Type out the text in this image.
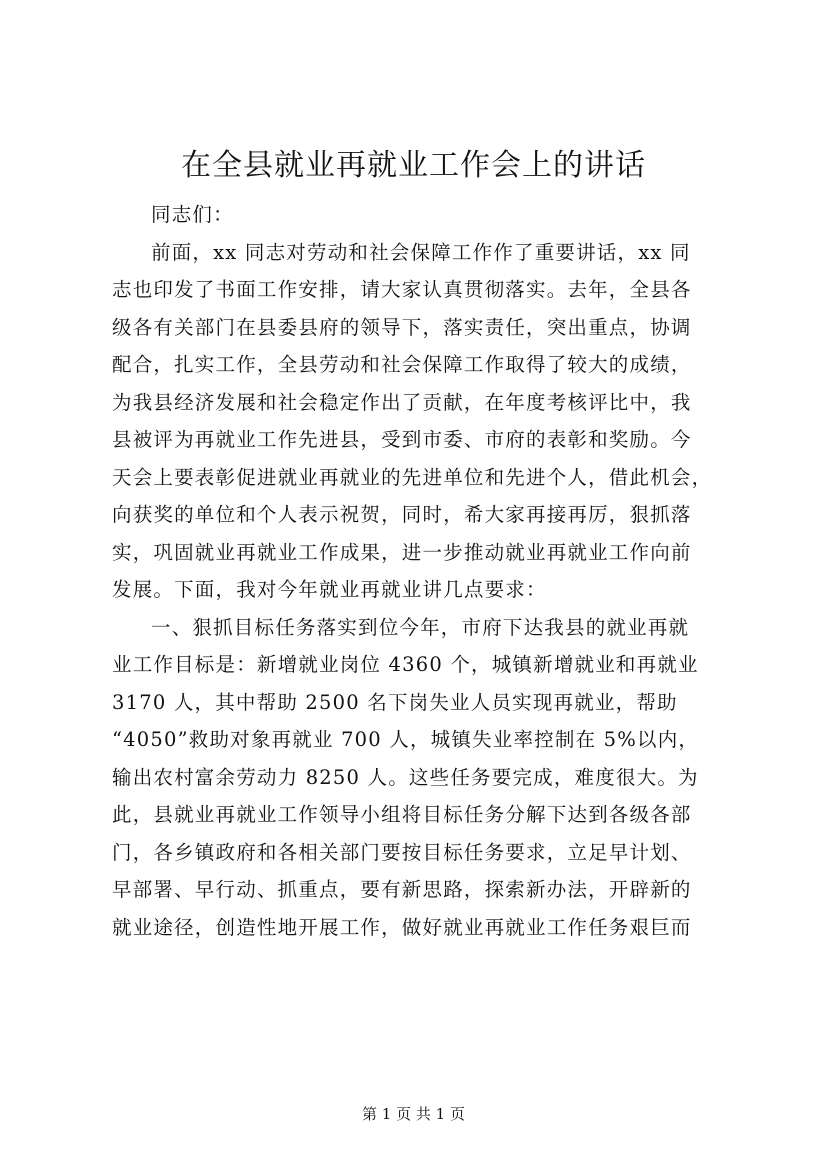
在全县就业再就业工作会上的讲话
同志们：
前面，xx 同志对劳动和社会保障工作作了重要讲话，xx 同
志也印发了书面工作安排，请大家认真贯彻落实。去年，全县各
级各有关部门在县委县府的领导下，落实责任，突出重点，协调
配合，扎实工作，全县劳动和社会保障工作取得了较大的成绩，
为我县经济发展和社会稳定作出了贡献，在年度考核评比中，我
县被评为再就业工作先进县，受到市委、市府的表彰和奖励。今
天会上要表彰促进就业再就业的先进单位和先进个人，借此机会，
向获奖的单位和个人表示祝贺，同时，希大家再接再厉，狠抓落
实，巩固就业再就业工作成果，进一步推动就业再就业工作向前
发展。下面，我对今年就业再就业讲几点要求：
一、狠抓目标任务落实到位今年，市府下达我县的就业再就
业工作目标是：新增就业岗位 4360 个，城镇新增就业和再就业
3170 人，其中帮助 2500 名下岗失业人员实现再就业，帮助
“4050”救助对象再就业 700 人，城镇失业率控制在 5%以内，
输出农村富余劳动力 8250 人。这些任务要完成，难度很大。为
此，县就业再就业工作领导小组将目标任务分解下达到各级各部
门，各乡镇政府和各相关部门要按目标任务要求，立足早计划、
早部署、早行动、抓重点，要有新思路，探索新办法，开辟新的
就业途径，创造性地开展工作，做好就业再就业工作任务艰巨而
第 1 页 共 1 页
